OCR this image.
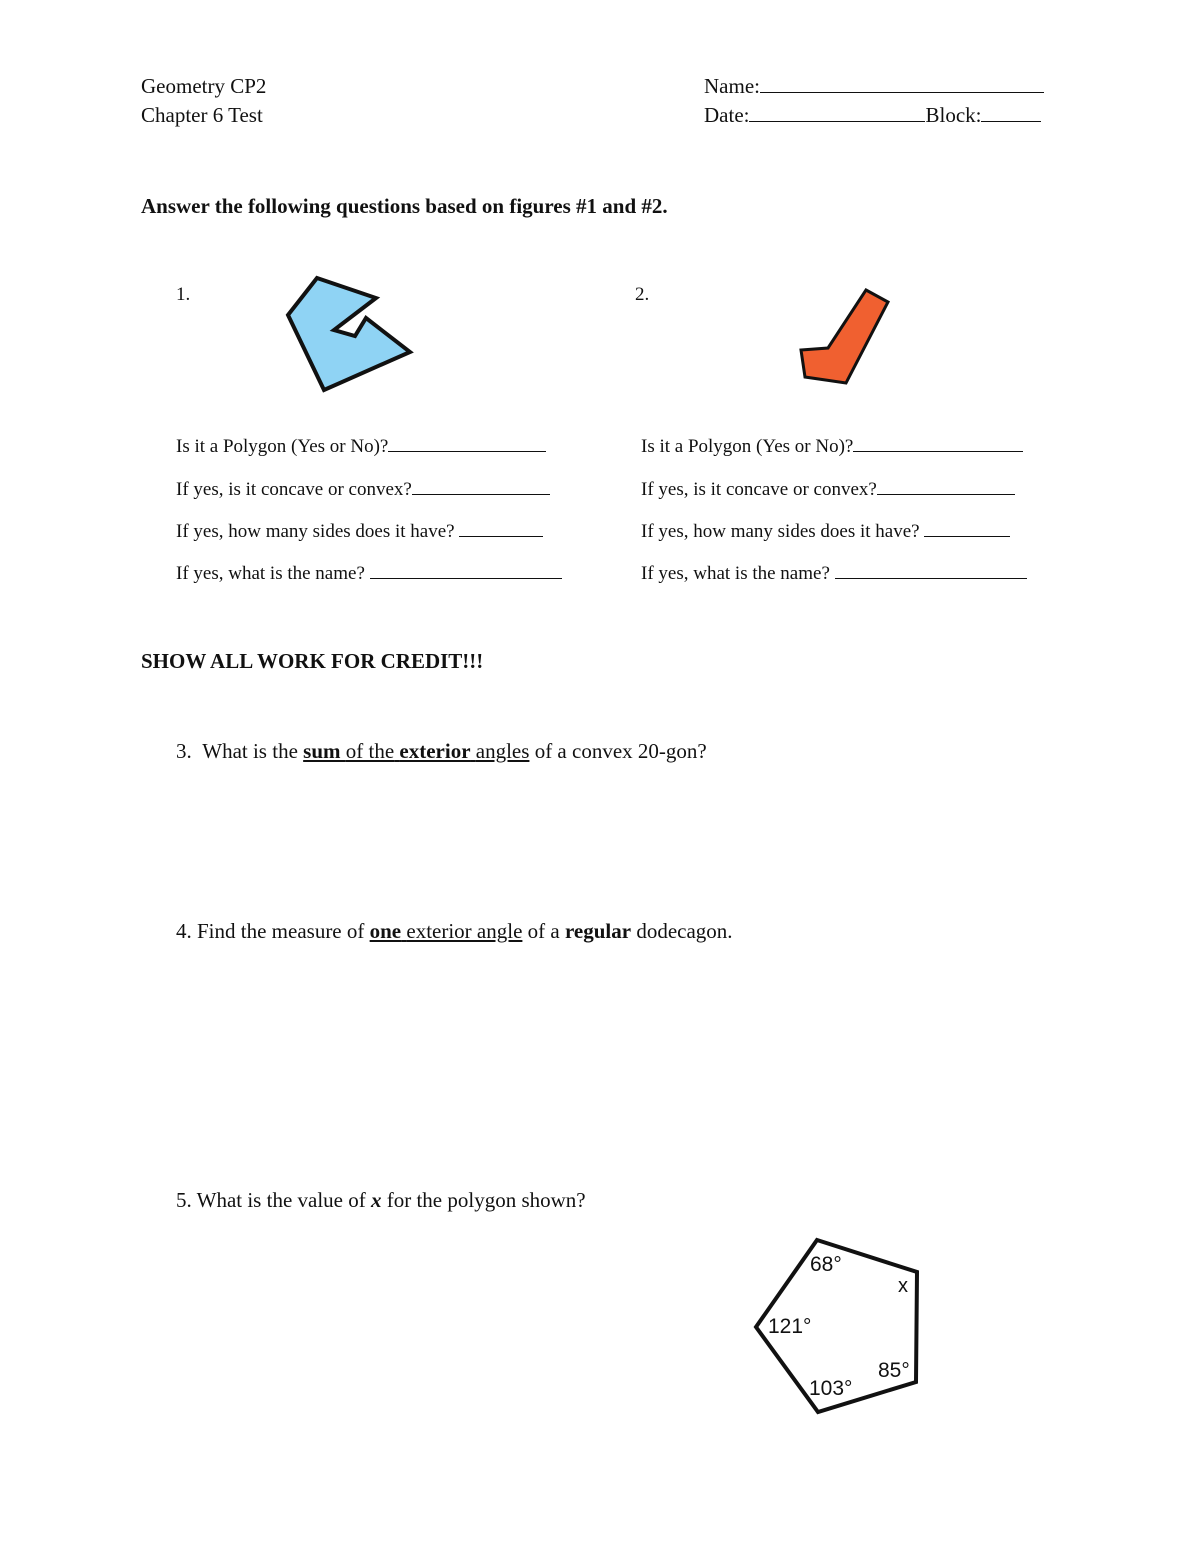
Geometry CP2
Chapter 6 Test
Name:
Date:	Block:
Answer the following questions based on figures #1 and #2.
1.	2.
Is it a Polygon (Yes or No)?
If yes, is it concave or convex?
If yes, how many sides does it have?
If yes, what is the name?
Is it a Polygon (Yes or No)?
If yes, is it concave or convex?
If yes, how many sides does it have?
If yes, what is the name?
SHOW ALL WORK FOR CREDIT!!!
3. What is the sum of the exterior angles of a convex 20-gon?
4. Find the measure of one exterior angle of a regular dodecagon.
5. What is the value of x for the polygon shown?
68°
x
121°
85°
103°
